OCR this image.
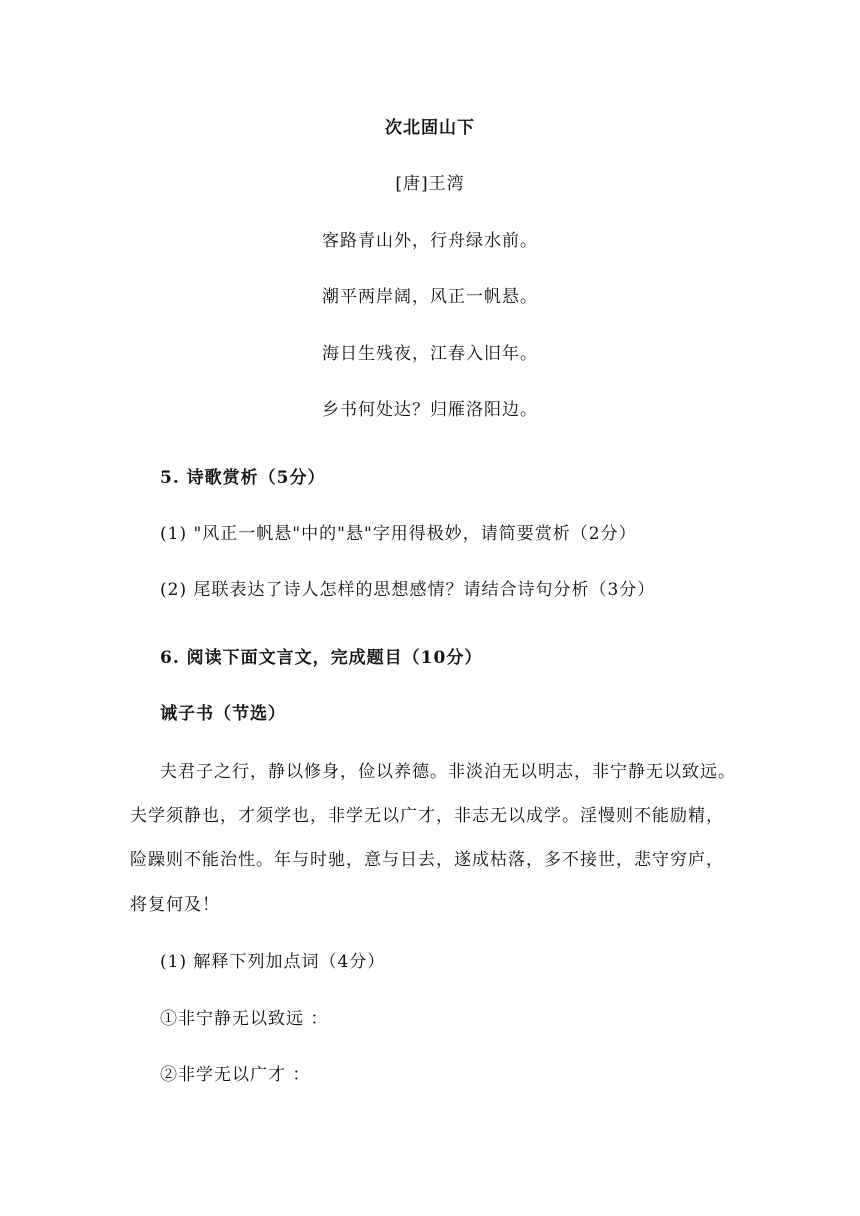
次北固山下
[唐]王湾
客路青山外，行舟绿水前。
潮平两岸阔，风正一帆悬。
海日生残夜，江春入旧年。
乡书何处达？归雁洛阳边。
5. 诗歌赏析（5分）
(1) "风正一帆悬"中的"悬"字用得极妙，请简要赏析（2分）
(2) 尾联表达了诗人怎样的思想感情？请结合诗句分析（3分）
6. 阅读下面文言文，完成题目（10分）
诫子书（节选）
夫君子之行，静以修身，俭以养德。非淡泊无以明志，非宁静无以致远。
夫学须静也，才须学也，非学无以广才，非志无以成学。淫慢则不能励精，
险躁则不能治性。年与时驰，意与日去，遂成枯落，多不接世，悲守穷庐，
将复何及！
(1) 解释下列加点词（4分）
①非宁静无以致远 ：
②非学无以广才 ：
